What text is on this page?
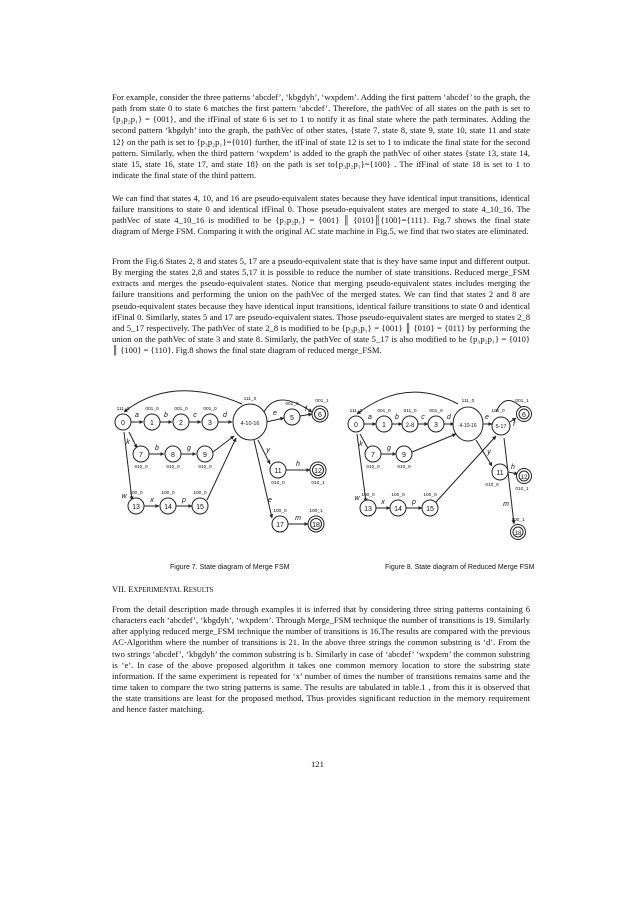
For example, consider the three patterns ‘abcdef’, ‘kbgdyh’, ‘wxpdem’. Adding the first pattern ‘abcdef’ to the graph, the path from state 0 to state 6 matches the first pattern ‘abcdef’. Therefore, the pathVec of all states on the path is set to {p₃p₂p₁} = {001}, and the ifFinal of state 6 is set to 1 to notify it as final state where the path terminates. Adding the second pattern ‘kbgdyh’ into the graph, the pathVec of other states, {state 7, state 8, state 9, state 10, state 11 and state 12} on the path is set to {p₃p₂p₁}={010} further, the ifFinal of state 12 is set to 1 to indicate the final state for the second pattern. Similarly, when the third pattern ‘wxpdem’ is added to the graph the pathVec of other states {state 13, state 14, state 15, state 16, state 17, and state 18} on the path is set to{p₃p₂p₁}={100} . The ifFinal of state 18 is set to 1 to indicate the final state of the third pattern.

We can find that states 4, 10, and 16 are pseudo-equivalent states because they have identical input transitions, identical failure transitions to state 0 and identical ifFinal 0. Those pseudo-equivalent states are merged to state 4_10_16. The pathVec of state 4_10_16 is modified to be {p₃p₂p₁} = {001} ║ {010}║{100}={111}. Fig.7 shows the final state diagram of Merge FSM. Comparing it with the original AC state machine in Fig.5, we find that two states are eliminated.

From the Fig.6 States 2, 8 and states 5, 17 are a pseudo-equivalent state that is they have same input and different output. By merging the states 2,8 and states 5,17 it is possible to reduce the number of state transitions. Reduced merge_FSM extracts and merges the pseudo-equivalent states. Notice that merging pseudo-equivalent states includes merging the failure transitions and performing the union on the pathVec of the merged states. We can find that states 2 and 8 are pseudo-equivalent states because they have identical input transitions, identical failure transitions to state 0 and identical ifFinal 0. Similarly, states 5 and 17 are pseudo-equivalent states. Those pseudo-equivalent states are merged to states 2_8 and 5_17 respectively. The pathVec of state 2_8 is modified to be {p₃p₂p₁} = {001} ║ {010} = {011} by performing the union on the pathVec of state 3 and state 8. Similarly, the pathVec of state 5_17 is also modified to be {p₃p₂p₁} = {010} ║ {100} = {110}. Fig.8 shows the final state diagram of reduced merge_FSM.

0	1	2	3	4-10-16
5	6
7	8	9
11	12
13	14	15
17	18
a	b	c	d	e
f
k
b	g	y
h
w
x	p	e
m
111_0	001_0	001_0	001_0
111_0
001_0
001_1
010_0	010_0	010_0
010_0	010_1
100_0	100_0	100_0
100_0	100_1
0	1	2-8	3	4-10-16	5-17
6
7	9
11
12
13	14	15
18
a	b	c	d	e
f
k
g
y
h
w
x	p	m
111_0	001_0	011_0	001_0
111_0
101_0
001_1
010_0	010_0
010_0
010_1
100_0	100_0	100_0
100_1
Figure 7. State diagram of Merge FSM	Figure 8. State diagram of Reduced Merge FSM
VII. EXPERIMENTAL RESULTS

From the detail description made through examples it is inferred that by considering three string patterns containing 6 characters each ‘abcdef’, ‘kbgdyh’, ‘wxpdem’. Through Merge_FSM technique the number of transitions is 19. Similarly after applying reduced merge_FSM technique the number of transitions is 16.The results are compared with the previous AC-Algorithm where the number of transitions is 21. In the above three strings the common substring is ‘d’. From the two strings ‘abcdef’, ‘kbgdyh’ the common substring is b. Similarly in case of ‘abcdef’ ‘wxpdem’ the common substring is ‘e’. In case of the above proposed algorithm it takes one common memory location to store the substring state information. If the same experiment is repeated for ‘x’ number of times the number of transitions remains same and the time taken to compare the two string patterns is same. The results are tabulated in table.1 , from this it is observed that the state transitions are least for the proposed method, Thus provides significant reduction in the memory requirement and hence faster matching.

121
